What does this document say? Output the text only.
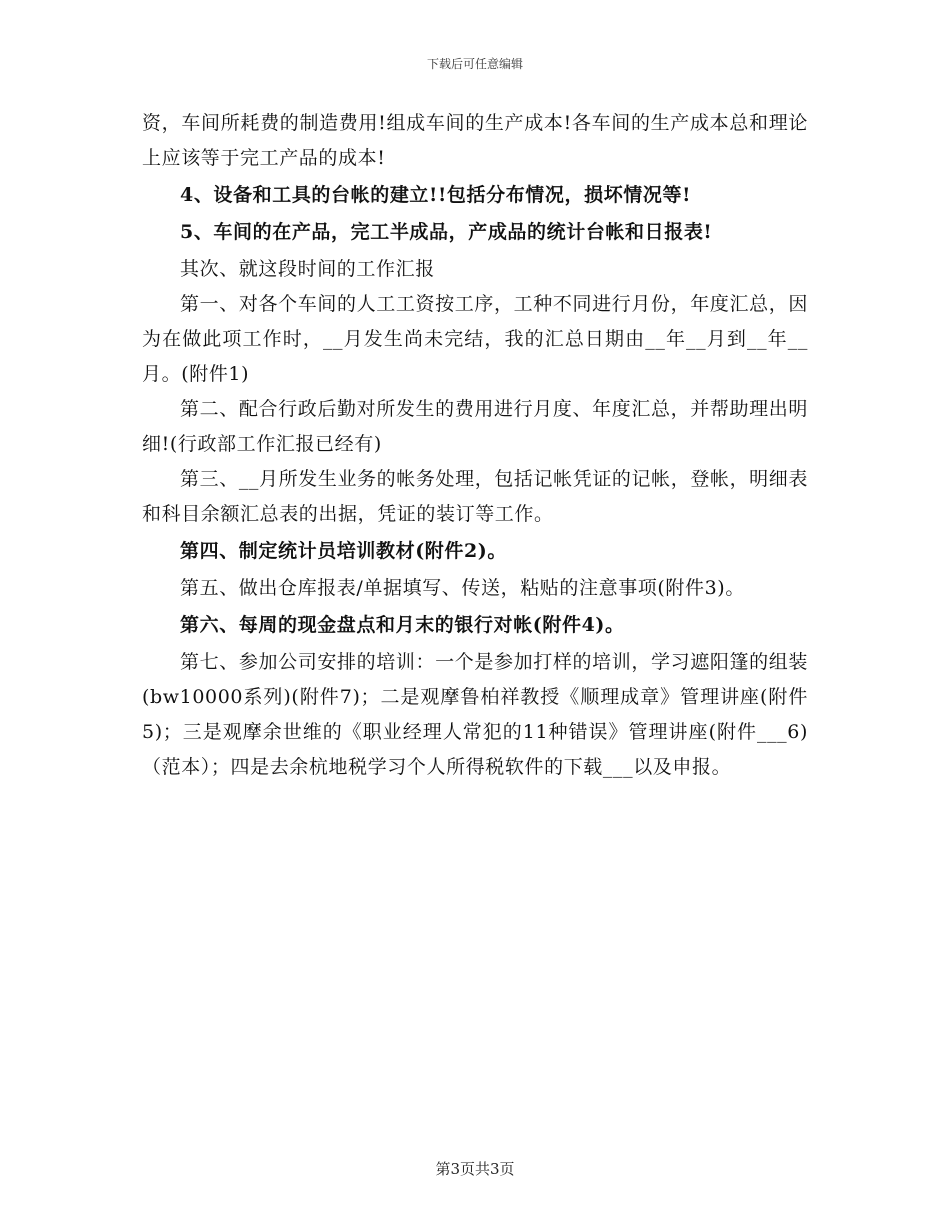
下载后可任意编辑

资，车间所耗费的制造费用!组成车间的生产成本!各车间的生产成本总和理论上应该等于完工产品的成本!

4、设备和工具的台帐的建立!!包括分布情况，损坏情况等!

5、车间的在产品，完工半成品，产成品的统计台帐和日报表!

其次、就这段时间的工作汇报

第一、对各个车间的人工工资按工序，工种不同进行月份，年度汇总，因为在做此项工作时，__月发生尚未完结，我的汇总日期由__年__月到__年__月。(附件1)

第二、配合行政后勤对所发生的费用进行月度、年度汇总，并帮助理出明细!(行政部工作汇报已经有)

第三、__月所发生业务的帐务处理，包括记帐凭证的记帐，登帐，明细表和科目余额汇总表的出据，凭证的装订等工作。

第四、制定统计员培训教材(附件2)。

第五、做出仓库报表/单据填写、传送，粘贴的注意事项(附件3)。

第六、每周的现金盘点和月末的银行对帐(附件4)。

第七、参加公司安排的培训：一个是参加打样的培训，学习遮阳篷的组装(bw10000系列)(附件7)；二是观摩鲁柏祥教授《顺理成章》管理讲座(附件5)；三是观摩余世维的《职业经理人常犯的11种错误》管理讲座(附件___6)（范本）；四是去余杭地税学习个人所得税软件的下载___以及申报。

第3页共3页
